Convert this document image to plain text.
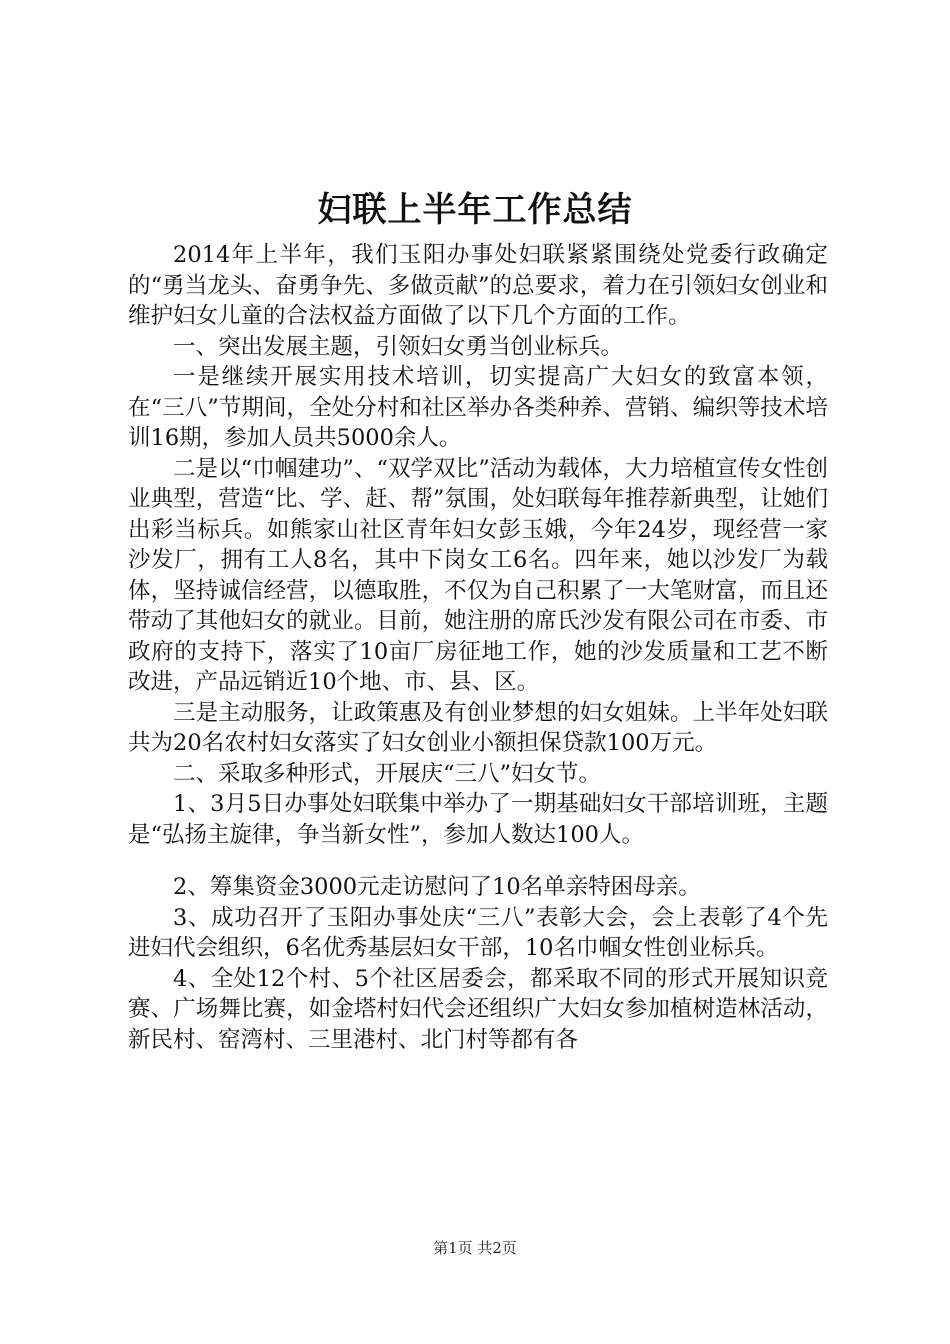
妇联上半年工作总结

2014年上半年，我们玉阳办事处妇联紧紧围绕处党委行政确定的“勇当龙头、奋勇争先、多做贡献”的总要求，着力在引领妇女创业和维护妇女儿童的合法权益方面做了以下几个方面的工作。

一、突出发展主题，引领妇女勇当创业标兵。

一是继续开展实用技术培训，切实提高广大妇女的致富本领，在“三八”节期间，全处分村和社区举办各类种养、营销、编织等技术培训16期，参加人员共5000余人。

二是以“巾帼建功”、“双学双比”活动为载体，大力培植宣传女性创业典型，营造“比、学、赶、帮”氛围，处妇联每年推荐新典型，让她们出彩当标兵。如熊家山社区青年妇女彭玉娥，今年24岁，现经营一家沙发厂，拥有工人8名，其中下岗女工6名。四年来，她以沙发厂为载体，坚持诚信经营，以德取胜，不仅为自己积累了一大笔财富，而且还带动了其他妇女的就业。目前，她注册的席氏沙发有限公司在市委、市政府的支持下，落实了10亩厂房征地工作，她的沙发质量和工艺不断改进，产品远销近10个地、市、县、区。

三是主动服务，让政策惠及有创业梦想的妇女姐妹。上半年处妇联共为20名农村妇女落实了妇女创业小额担保贷款100万元。

二、采取多种形式，开展庆“三八”妇女节。

1、3月5日办事处妇联集中举办了一期基础妇女干部培训班，主题是“弘扬主旋律，争当新女性”，参加人数达100人。

2、筹集资金3000元走访慰问了10名单亲特困母亲。

3、成功召开了玉阳办事处庆“三八”表彰大会，会上表彰了4个先进妇代会组织，6名优秀基层妇女干部，10名巾帼女性创业标兵。

4、全处12个村、5个社区居委会，都采取不同的形式开展知识竞赛、广场舞比赛，如金塔村妇代会还组织广大妇女参加植树造林活动，新民村、窑湾村、三里港村、北门村等都有各

第1页 共2页
